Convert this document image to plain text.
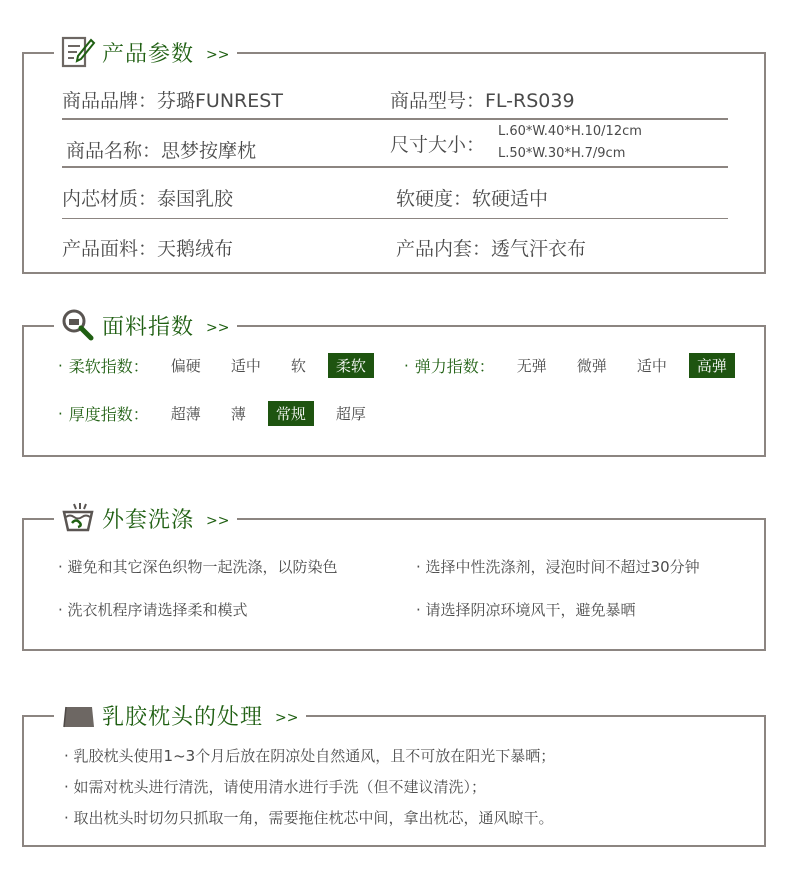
产品参数 >>
商品品牌：芬璐FUNREST	商品型号：FL-RS039
商品名称：思梦按摩枕	尺寸大小：
L.60*W.40*H.10/12cm
L.50*W.30*H.7/9cm
内芯材质：泰国乳胶	软硬度：软硬适中
产品面料：天鹅绒布	产品内套：透气汗衣布
面料指数 >>
· 柔软指数：	偏硬	适中	软	柔软	· 弹力指数：	无弹	微弹	适中	高弹
· 厚度指数：	超薄	薄	常规	超厚
外套洗涤 >>
· 避免和其它深色织物一起洗涤，以防染色	· 选择中性洗涤剂，浸泡时间不超过30分钟
· 洗衣机程序请选择柔和模式	· 请选择阴凉环境风干，避免暴晒
乳胶枕头的处理 >>
· 乳胶枕头使用1~3个月后放在阴凉处自然通风，且不可放在阳光下暴晒；
· 如需对枕头进行清洗，请使用清水进行手洗（但不建议清洗）；
· 取出枕头时切勿只抓取一角，需要拖住枕芯中间，拿出枕芯，通风晾干。
